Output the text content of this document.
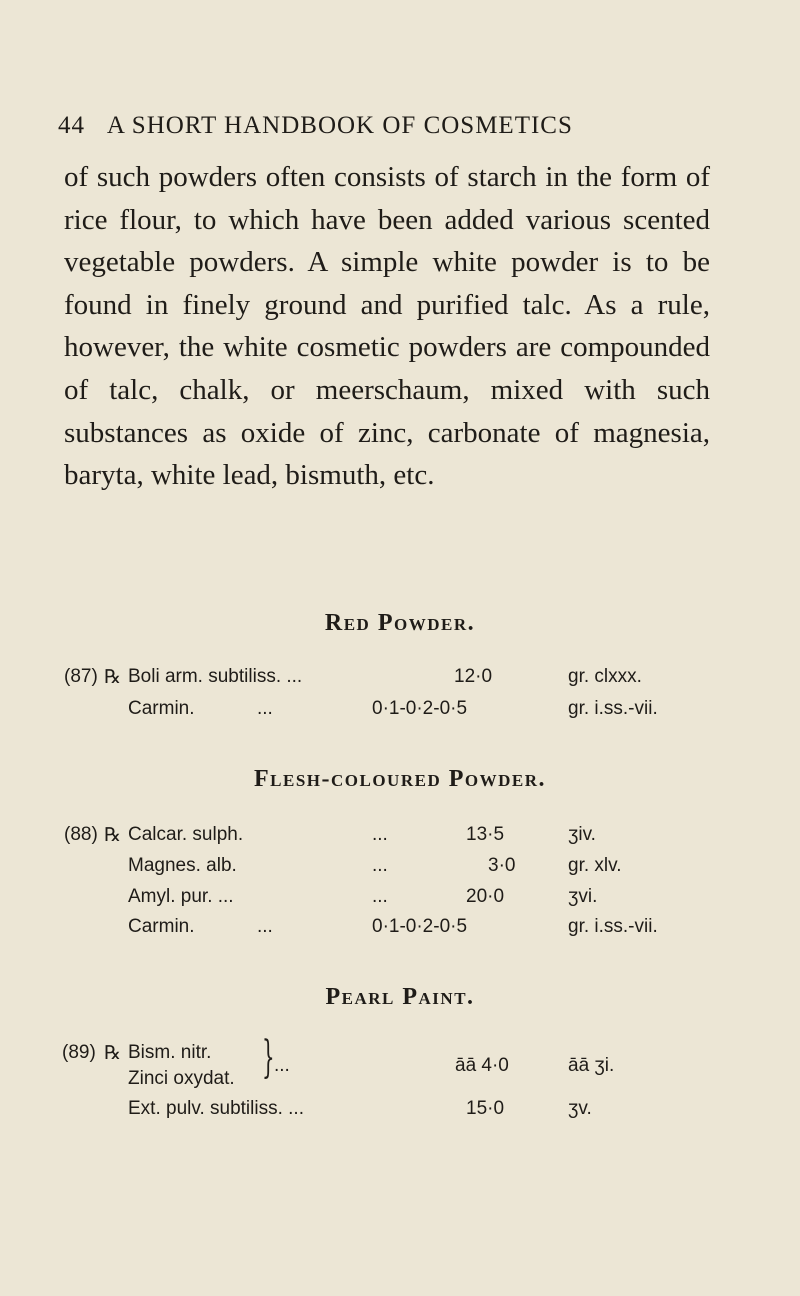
44 A SHORT HANDBOOK OF COSMETICS

of such powders often consists of starch in the form of rice flour, to which have been added various scented vegetable powders. A simple white powder is to be found in finely ground and purified talc. As a rule, however, the white cosmetic powders are compounded of talc, chalk, or meerschaum, mixed with such substances as oxide of zinc, carbonate of magnesia, baryta, white lead, bismuth, etc.

Red Powder.
(87) ℞ Boli arm. subtiliss. ...	12·0	gr. clxxx.
Carmin.	...	0·1-0·2-0·5	gr. i.ss.-vii.
Flesh-coloured Powder.
(88) ℞ Calcar. sulph.	...	13·5	ʒiv.
Magnes. alb.	...	3·0	gr. xlv.
Amyl. pur. ...	...	20·0	ʒvi.
Carmin.	...	0·1-0·2-0·5	gr. i.ss.-vii.
Pearl Paint.
(89) ℞ Bism. nitr.
Zinci oxydat. } ...	āā 4·0	āā ʒi.
Ext. pulv. subtiliss. ...	15·0	ʒv.
